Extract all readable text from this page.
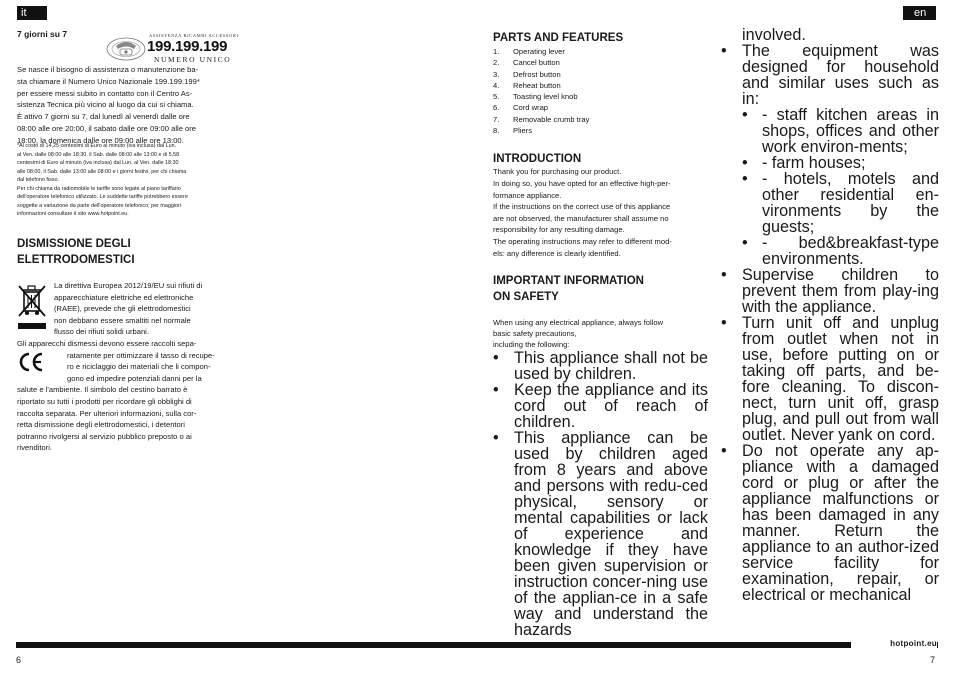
it	en
7 giorni su 7	ASSISTENZA RICAMBI ACCESSORI
199.199.199
NUMERO UNICO
Se nasce il bisogno di assistenza o manutenzione ba-
sta chiamare il Numero Unico Nazionale 199.199.199*
per essere messi subito in contatto con il Centro As-
sistenza Tecnica più vicino al luogo da cui si chiama.
È attivo 7 giorni su 7, dal lunedì al venerdì dalle ore
08:00 alle ore 20:00, il sabato dalle ore 09:00 alle ore
18:00, la domenica dalle ore 09:00 alle ore 13:00.
*Al costo di 14,25 centesimi di Euro al minuto (iva inclusa) dal Lun.
al Ven. dalle 08:00 alle 18:30, il Sab. dalle 08:00 alle 13:00 e di 5,58
centesimi di Euro al minuto (iva inclusa) dal Lun. al Ven. dalle 18:30
alle 08:00, il Sab. dalle 13:00 alle 08:00 e i giorni festivi, per chi chiama
dal telefono fisso.
Per chi chiama da radiomobile le tariffe sono legate al piano tariffario
dell'operatore telefonico utilizzato. Le suddette tariffe potrebbero essere
soggette a variazione da parte dell'operatore telefonico; per maggiori
informazioni consultare il sito www.hotpoint.eu.
DISMISSIONE DEGLI
ELETTRODOMESTICI
La direttiva Europea 2012/19/EU sui rifiuti di
apparecchiature elettriche ed elettroniche
(RAEE), prevede che gli elettrodomestici
non debbano essere smaltiti nel normale
flusso dei rifiuti solidi urbani.
Gli apparecchi dismessi devono essere raccolti sepa-
ratamente per ottimizzare il tasso di recupe-
ro e riciclaggio dei materiali che li compon-
gono ed impedire potenziali danni per la
salute e l'ambiente. Il simbolo del cestino barrato è
riportato su tutti i prodotti per ricordare gli obblighi di
raccolta separata. Per ulteriori informazioni, sulla cor-
retta dismissione degli elettrodomestici, i detentori
potranno rivolgersi al servizio pubblico preposto o ai
rivenditori.
PARTS AND FEATURES
1.	Operating lever
2.	Cancel button
3.	Defrost button
4.	Reheat button
5.	Toasting level knob
6.	Cord wrap
7.	Removable crumb tray
8.	Pliers
INTRODUCTION
Thank you for purchasing our product.
In doing so, you have opted for an effective high-per-
formance appliance.
If the instructions on the correct use of this appliance
are not observed, the manufacturer shall assume no
responsibility for any resulting damage.
The operating instructions may refer to different mod-
els: any difference is clearly identified.
IMPORTANT INFORMATION
ON SAFETY
When using any electrical appliance, always follow
basic safety precautions,
including the following:
• This appliance shall not be used by children.
• Keep the appliance and its cord out of reach of children.
• This appliance can be used by children aged from 8 years and above and persons with redu-ced physical, sensory or mental capabilities or lack of experience and knowledge if they have been given supervision or instruction concer-ning use of the applian-ce in a safe way and understand the hazards
involved.
• The equipment was designed for household and similar uses such as in:
• - staff kitchen areas in shops, offices and other work environ-ments;
• - farm houses;
• - hotels, motels and other residential en-vironments by the guests;
• - bed&breakfast-type environments.
• Supervise children to prevent them from play-ing with the appliance.
• Turn unit off and unplug from outlet when not in use, before putting on or taking off parts, and be-fore cleaning. To discon-nect, turn unit off, grasp plug, and pull out from wall outlet. Never yank on cord.
• Do not operate any ap-pliance with a damaged cord or plug or after the appliance malfunctions or has been damaged in any manner. Return the appliance to an author-ized service facility for examination, repair, or electrical or mechanical
hotpoint.eu
6	7
